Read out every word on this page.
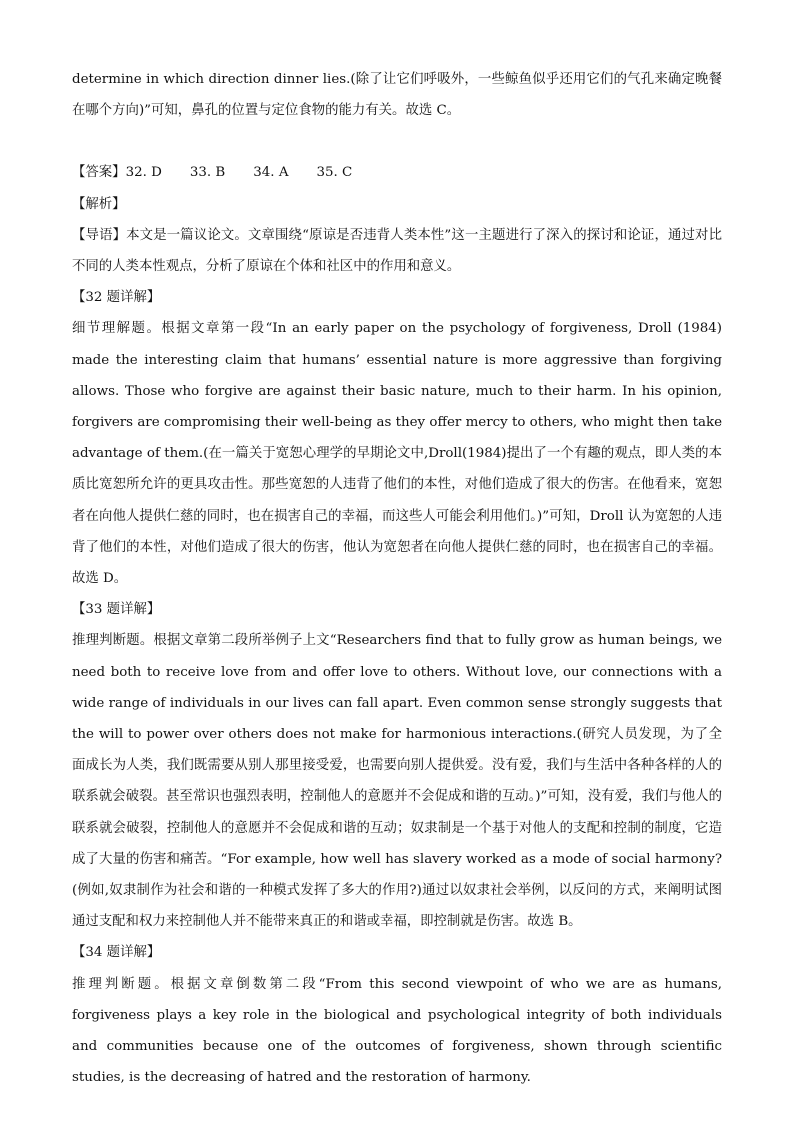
determine in which direction dinner lies.(除了让它们呼吸外，一些鲸鱼似乎还用它们的气孔来确定晚餐在哪个方向)”可知，鼻孔的位置与定位食物的能力有关。故选 C。

【答案】32. D 33. B 34. A 35. C

【解析】

【导语】本文是一篇议论文。文章围绕“原谅是否违背人类本性”这一主题进行了深入的探讨和论证，通过对比不同的人类本性观点，分析了原谅在个体和社区中的作用和意义。

【32 题详解】

细节理解题。根据文章第一段“In an early paper on the psychology of forgiveness, Droll (1984) made the interesting claim that humans’ essential nature is more aggressive than forgiving allows. Those who forgive are against their basic nature, much to their harm. In his opinion, forgivers are compromising their well-being as they offer mercy to others, who might then take advantage of them.(在一篇关于宽恕心理学的早期论文中,Droll(1984)提出了一个有趣的观点，即人类的本质比宽恕所允许的更具攻击性。那些宽恕的人违背了他们的本性，对他们造成了很大的伤害。在他看来，宽恕者在向他人提供仁慈的同时，也在损害自己的幸福，而这些人可能会利用他们。)”可知，Droll 认为宽恕的人违背了他们的本性，对他们造成了很大的伤害，他认为宽恕者在向他人提供仁慈的同时，也在损害自己的幸福。故选 D。

【33 题详解】

推理判断题。根据文章第二段所举例子上文“Researchers find that to fully grow as human beings, we need both to receive love from and offer love to others. Without love, our connections with a wide range of individuals in our lives can fall apart. Even common sense strongly suggests that the will to power over others does not make for harmonious interactions.(研究人员发现，为了全面成长为人类，我们既需要从别人那里接受爱，也需要向别人提供爱。没有爱，我们与生活中各种各样的人的联系就会破裂。甚至常识也强烈表明，控制他人的意愿并不会促成和谐的互动。)”可知，没有爱，我们与他人的联系就会破裂，控制他人的意愿并不会促成和谐的互动；奴隶制是一个基于对他人的支配和控制的制度，它造成了大量的伤害和痛苦。“For example, how well has slavery worked as a mode of social harmony?(例如,奴隶制作为社会和谐的一种模式发挥了多大的作用?)通过以奴隶社会举例，以反问的方式，来阐明试图通过支配和权力来控制他人并不能带来真正的和谐或幸福，即控制就是伤害。故选 B。

【34 题详解】

推理判断题。根据文章倒数第二段“From this second viewpoint of who we are as humans, forgiveness plays a key role in the biological and psychological integrity of both individuals and communities because one of the outcomes of forgiveness, shown through scientific studies, is the decreasing of hatred and the restoration of harmony.
